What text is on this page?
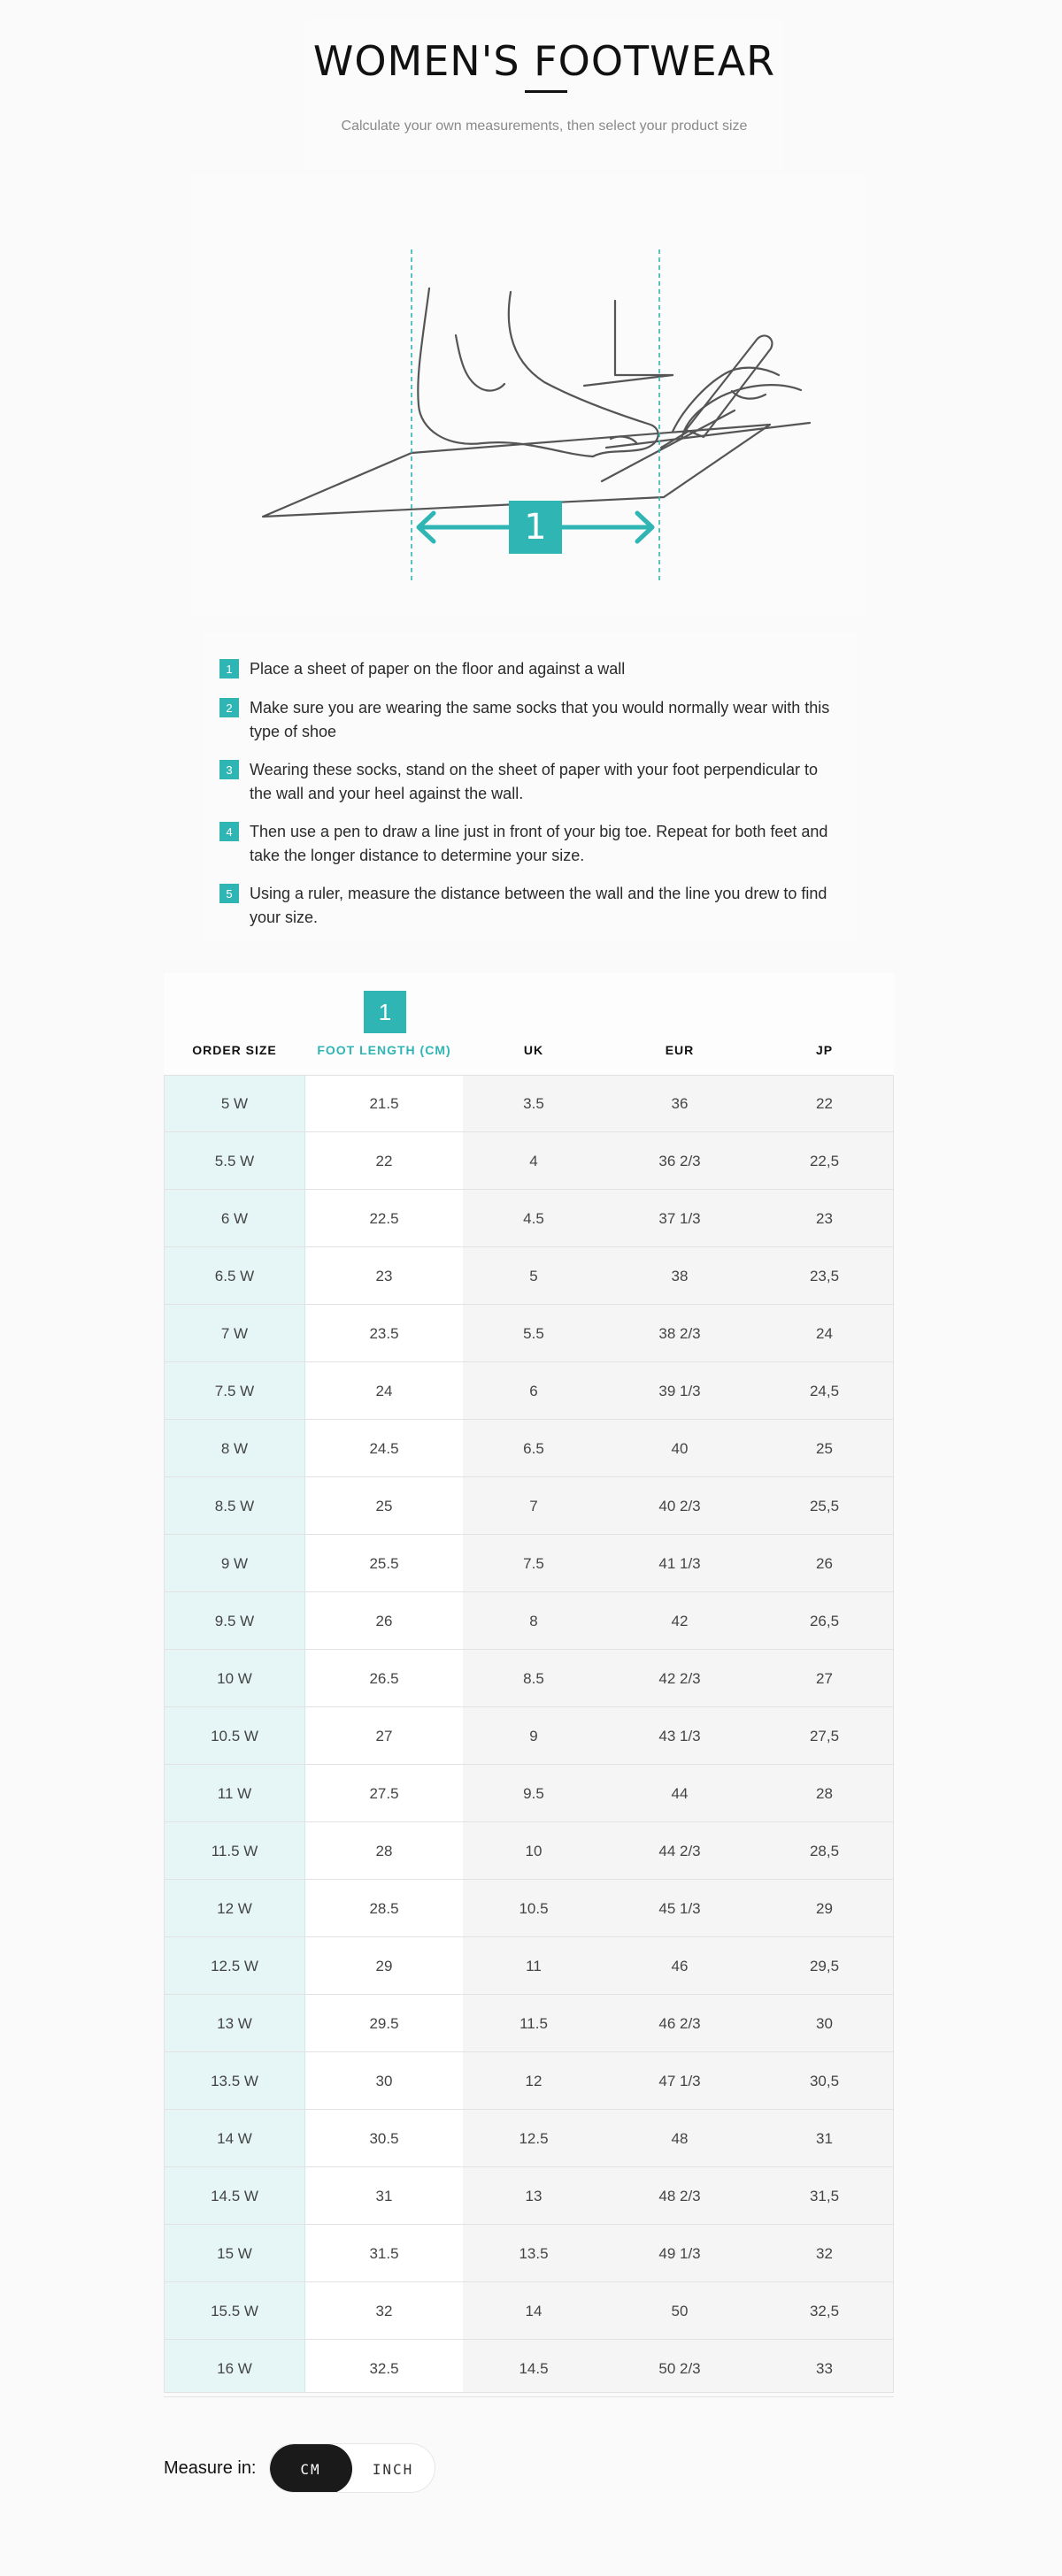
WOMEN'S FOOTWEAR

Calculate your own measurements, then select your product size

1
1	Place a sheet of paper on the floor and against a wall
2	Make sure you are wearing the same socks that you would normally wear with this type of shoe
3	Wearing these socks, stand on the sheet of paper with your foot perpendicular to the wall and your heel against the wall.
4	Then use a pen to draw a line just in front of your big toe. Repeat for both feet and take the longer distance to determine your size.
5	Using a ruler, measure the distance between the wall and the line you drew to find your size.
1
ORDER SIZE	FOOT LENGTH (CM)	UK	EUR	JP
5 W	21.5	3.5	36	22
5.5 W	22	4	36 2/3	22,5
6 W	22.5	4.5	37 1/3	23
6.5 W	23	5	38	23,5
7 W	23.5	5.5	38 2/3	24
7.5 W	24	6	39 1/3	24,5
8 W	24.5	6.5	40	25
8.5 W	25	7	40 2/3	25,5
9 W	25.5	7.5	41 1/3	26
9.5 W	26	8	42	26,5
10 W	26.5	8.5	42 2/3	27
10.5 W	27	9	43 1/3	27,5
11 W	27.5	9.5	44	28
11.5 W	28	10	44 2/3	28,5
12 W	28.5	10.5	45 1/3	29
12.5 W	29	11	46	29,5
13 W	29.5	11.5	46 2/3	30
13.5 W	30	12	47 1/3	30,5
14 W	30.5	12.5	48	31
14.5 W	31	13	48 2/3	31,5
15 W	31.5	13.5	49 1/3	32
15.5 W	32	14	50	32,5
16 W	32.5	14.5	50 2/3	33
Measure in:	CM	INCH
